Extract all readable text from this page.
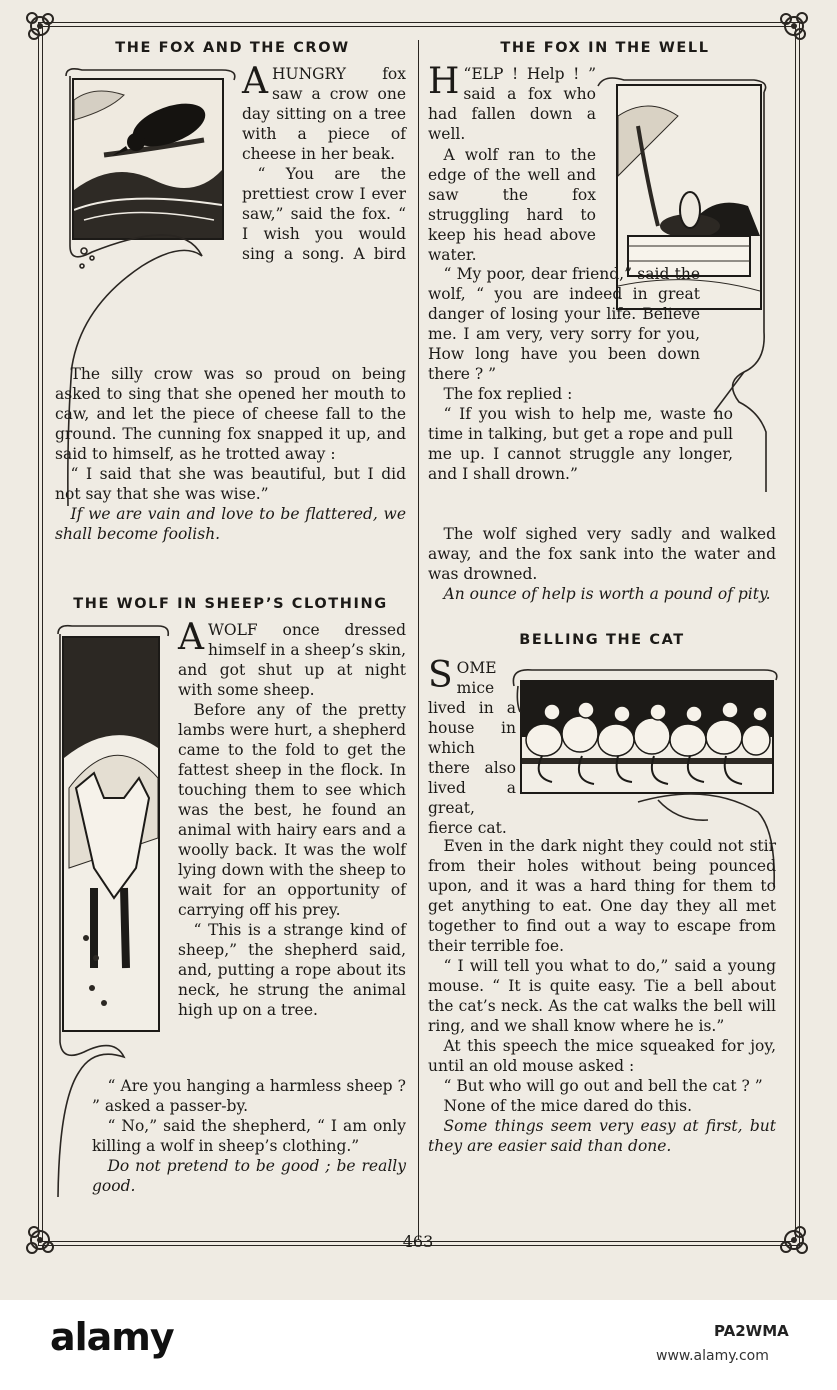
THE FOX AND THE CROW
AHUNGRY fox saw a crow one day sitting on a tree with a piece of cheese in her beak.

“ You are the prettiest crow I ever saw,” said the fox. “ I wish you would sing a song. A bird

The silly crow was so proud on being asked to sing that she opened her mouth to caw, and let the piece of cheese fall to the ground. The cunning fox snapped it up, and said to himself, as he trotted away :

“ I said that she was beautiful, but I did not say that she was wise.”

If we are vain and love to be flattered, we shall become foolish.

THE WOLF IN SHEEP’S CLOTHING
AWOLF once dressed himself in a sheep’s skin, and got shut up at night with some sheep.

Before any of the pretty lambs were hurt, a shepherd came to the fold to get the fattest sheep in the flock. In touching them to see which was the best, he found an animal with hairy ears and a woolly back. It was the wolf lying down with the sheep to wait for an opportunity of carrying off his prey.

“ This is a strange kind of sheep,” the shepherd said, and, putting a rope about its neck, he strung the animal high up on a tree.

“ Are you hanging a harmless sheep ? ” asked a passer-by.

“ No,” said the shepherd, “ I am only killing a wolf in sheep’s clothing.”

Do not pretend to be good ; be really good.

THE FOX IN THE WELL
H “ELP ! Help ! ” said a fox who had fallen down a well.

A wolf ran to the edge of the well and saw the fox struggling hard to keep his head above water.

“ My poor, dear friend,” said the wolf, “ you are indeed in great danger of losing your life. Believe me. I am very, very sorry for you, How long have you been down there ? ”

The fox replied :

“ If you wish to help me, waste no time in talking, but get a rope and pull me up. I cannot struggle any longer, and I shall drown.”

The wolf sighed very sadly and walked away, and the fox sank into the water and was drowned.

An ounce of help is worth a pound of pity.

BELLING THE CAT
SOME mice lived in a house in which there also lived a great, fierce cat.

Even in the dark night they could not stir from their holes without being pounced upon, and it was a hard thing for them to get anything to eat. One day they all met together to find out a way to escape from their terrible foe.

“ I will tell you what to do,” said a young mouse. “ It is quite easy. Tie a bell about the cat’s neck. As the cat walks the bell will ring, and we shall know where he is.”

At this speech the mice squeaked for joy, until an old mouse asked :

“ But who will go out and bell the cat ? ”

None of the mice dared do this.

Some things seem very easy at first, but they are easier said than done.

463
alamy	PA2WMA
www.alamy.com
